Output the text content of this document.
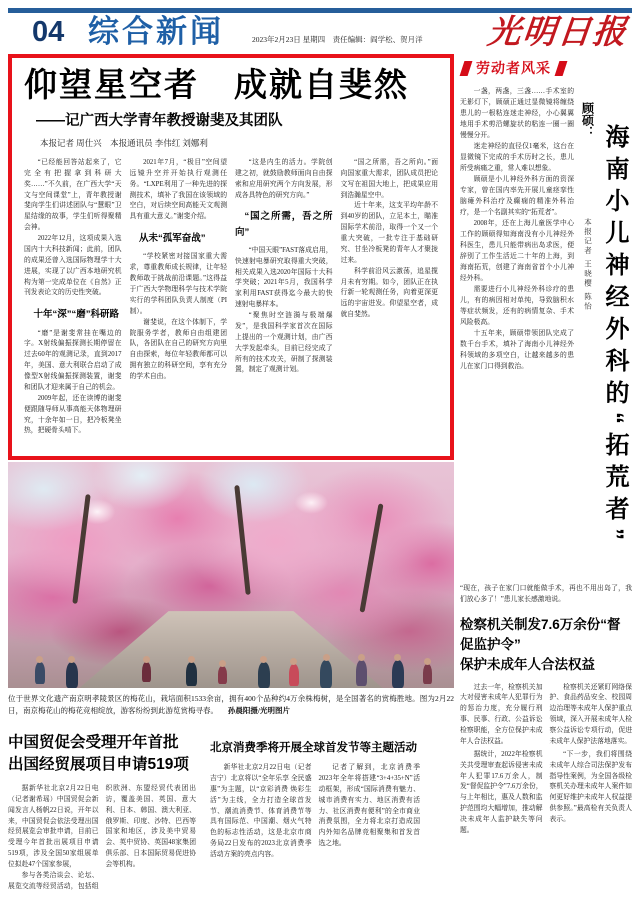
04 综合新闻	2023年2月23日 星期四　责任编辑：阎学松、贺月洋 光明日报
仰望星空者　成就自斐然
——记广西大学青年教授谢斐及其团队
本报记者 周仕兴　本报通讯员 李伟红 刘娜利

“已经能回答站起来了，它完全有把握拿到科研大奖……”不久前，在广西大学“天文与空间课堂”上，青年教授谢斐向学生们讲述团队与“慧眼”卫星结缘的故事，学生们听得聚精会神。

2022年12月，这项成果入选国内十大科技新闻；此前，团队的成果还曾入选国际物理学十大进展，实现了以广西本地研究机构为第一完成单位在《自然》正刊发表论文的历史性突破。

十年“深”“磨”科研路

“磨”是谢斐常挂在嘴边的字。X射线偏振探测长期停留在过去60年的观测记录，直到2017年，美国、意大利联合启动了成像型X射线偏振探测装置，谢斐和团队才迎来属于自己的机会。

2009年起，还在读博的谢斐便跟随导师从事高能天体物理研究，十余年如一日，把冷板凳坐热，把硬骨头啃下。

2021年7月，“极目”空间望远镜升空并开始执行观测任务。“LXPE利用了一种先进的探测技术，填补了我国在该领域的空白，对后续空间高能天文观测具有重大意义。”谢斐介绍。

从未“孤军奋战”

“学校紧密对接国家重大需求，尊重教师成长规律，让年轻教师敢于挑战前沿课题。”这得益于广西大学物理科学与技术学院实行的学科团队负责人制度（PI制）。

谢斐说，在这个体制下，学院服务学者，教师自由组建团队，各团队在自己的研究方向里自由探索，每位年轻教师都可以拥有独立的科研空间，享有充分的学术自由。

“这是内生的活力。学院创建之初，就鼓励教师面向自由探索和应用研究两个方向发展，形成各具特色的研究方向。”

“国之所需，吾之所向”

“中国天眼”FAST落成启用，快速射电暴研究取得重大突破，相关成果入选2020年国际十大科学突破；2021年5月，我国科学家利用FAST获得迄今最大的快速射电暴样本。

“聚焦时空涟漪与极端爆发”，是我国科学家首次在国际上提出的一个观测计划，由广西大学发起牵头，目前已经完成了所有的技术攻关，研制了探测装置，制定了观测计划。

“国之所需，吾之所向。”面向国家重大需求，团队成员把论文写在祖国大地上，把成果应用到浩瀚星空中。

近十年来，这支平均年龄不到40岁的团队，立足本土，瞄准国际学术前沿，取得一个又一个重大突破，一批专注于基础研究、甘坐冷板凳的青年人才聚拢过来。

科学前沿风云激荡，追星揽月未有穷期。如今，团队正在执行新一轮观测任务，向着更深更远的宇宙进发。仰望星空者，成就自斐然。

劳动者风采

一盏，两盏，三盏……手术室的无影灯下，顾硕正通过显微镜将缠绕患儿的一根粘连迷走神经，小心翼翼地用手术剪沿螺旋状的粘连一圈一圈慢慢分开。

迷走神经的直径仅1毫米，这台在显微镜下完成的手术历时之长，患儿所受病痛之重，常人难以想象。

顾硕是小儿神经外科方面的资深专家，曾在国内率先开展儿童痉挛性脑瘫外科治疗及癫痫的精准外科治疗，是一个名副其实的“拓荒者”。

2008年，还在上海儿童医学中心工作的顾硕得知海南没有小儿神经外科医生，患儿只能带病出岛求医，便辞别了工作生活近二十年的上海，到海南拓荒，创建了海南省首个小儿神经外科。

需要进行小儿神经外科诊疗的患儿，有的病因相对单纯，导致脑积水等症状频发，还有的病情复杂、手术风险极高。

十五年来，顾硕带领团队完成了数千台手术，填补了海南小儿神经外科领域的多项空白，让越来越多的患儿在家门口得到救治。

顾硕：
本报记者 王晓樱 陈怡 海南小儿神经外科的“拓荒者”

“现在，孩子在家门口就能做手术，再也不用出岛了，我们放心多了！”患儿家长感激地说。

检察机关制发7.6万余份“督促监护令”
保护未成年人合法权益

过去一年，检察机关加大对侵害未成年人犯罪行为的惩治力度，充分履行刑事、民事、行政、公益诉讼检察职能，全方位保护未成年人合法权益。

据统计，2022年检察机关共受理审查起诉侵害未成年人犯罪17.6万余人，制发“督促监护令”7.6万余份，与上年相比，惠及人数和监护范围均大幅增加，推动解决未成年人监护缺失等问题。

检察机关还紧盯网络保护、食品药品安全、校园周边治理等未成年人保护重点领域，深入开展未成年人检察公益诉讼专项行动，促进未成年人保护法落地落实。

“下一步，我们将围绕未成年人综合司法保护发布指导性案例，为全国各级检察机关办理未成年人案件如何更好维护未成年人权益提供参照。”最高检有关负责人表示。

位于世界文化遗产南京明孝陵景区的梅花山，栽培面积1533余亩，拥有400个品种约4万余株梅树，是全国著名的赏梅胜地。图为2月22日，南京梅花山的梅花竞相绽放，游客纷纷到此游览赏梅寻春。 孙晨阳摄/光明图片
中国贸促会受理开年首批
出国经贸展项目申请519项

据新华社北京2月22日电（记者谢希瑶）中国贸促会新闻发言人杨帆22日说，开年以来，中国贸促会依法受理出国经贸展览会审批申请，目前已受理今年首批出展项目申请519项，涉及全国50家组展单位拟赴47个国家参展，

参与各类洽谈会、论坛、展览交流等经贸活动，包括组织欧洲、东盟经贸代表团出访，覆盖美国、英国、意大利、日本、韩国、澳大利亚、俄罗斯、印度、沙特、巴西等国家和地区，涉及美中贸易会、英中贸协、英国48家集团俱乐部、日本国际贸易促进协会等机构。

北京消费季将开展全球首发节等主题活动

新华社北京2月22日电（记者吉宁）北京将以“全年乐享 全民盛惠”为主题，以“京彩消费 焕彩生活”为主线，全力打造全球首发节、潮流消费节、体育消费节等具有国际范、中国潮、烟火气特色的标志性活动，这是北京市商务局22日发布的2023北京消费季活动方案的亮点内容。

记者了解到，北京消费季2023年全年将搭建“3+4+35+N”活动框架，形成“国际消费有魅力、城市消费有实力、地区消费有活力、社区消费有便利”的全市商业消费氛围，全力将北京打造成国内外知名品牌竞相聚集和首发首选之地。
